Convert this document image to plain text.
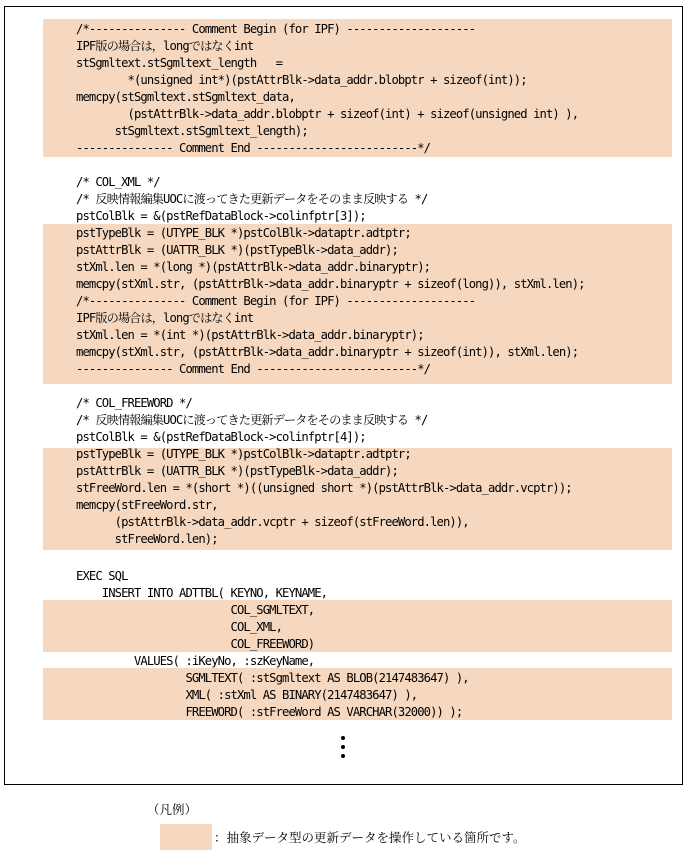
/*--------------- Comment Begin (for IPF) --------------------
IPF版の場合は，longではなくint
stSgmltext.stSgmltext_length   =
*(unsigned int*)(pstAttrBlk->data_addr.blobptr + sizeof(int));
memcpy(stSgmltext.stSgmltext_data,
(pstAttrBlk->data_addr.blobptr + sizeof(int) + sizeof(unsigned int) ),
stSgmltext.stSgmltext_length);
--------------- Comment End -------------------------*/
/* COL_XML */
/* 反映情報編集UOCに渡ってきた更新データをそのまま反映する */
pstColBlk = &(pstRefDataBlock->colinfptr[3]);
pstTypeBlk = (UTYPE_BLK *)pstColBlk->dataptr.adtptr;
pstAttrBlk = (UATTR_BLK *)(pstTypeBlk->data_addr);
stXml.len = *(long *)(pstAttrBlk->data_addr.binaryptr);
memcpy(stXml.str, (pstAttrBlk->data_addr.binaryptr + sizeof(long)), stXml.len);
/*--------------- Comment Begin (for IPF) --------------------
IPF版の場合は，longではなくint
stXml.len = *(int *)(pstAttrBlk->data_addr.binaryptr);
memcpy(stXml.str, (pstAttrBlk->data_addr.binaryptr + sizeof(int)), stXml.len);
--------------- Comment End -------------------------*/
/* COL_FREEWORD */
/* 反映情報編集UOCに渡ってきた更新データをそのまま反映する */
pstColBlk = &(pstRefDataBlock->colinfptr[4]);
pstTypeBlk = (UTYPE_BLK *)pstColBlk->dataptr.adtptr;
pstAttrBlk = (UATTR_BLK *)(pstTypeBlk->data_addr);
stFreeWord.len = *(short *)((unsigned short *)(pstAttrBlk->data_addr.vcptr));
memcpy(stFreeWord.str,
(pstAttrBlk->data_addr.vcptr + sizeof(stFreeWord.len)),
stFreeWord.len);
EXEC SQL
INSERT INTO ADTTBL( KEYNO, KEYNAME,
COL_SGMLTEXT,
COL_XML,
COL_FREEWORD)
VALUES( :iKeyNo, :szKeyName,
SGMLTEXT( :stSgmltext AS BLOB(2147483647) ),
XML( :stXml AS BINARY(2147483647) ),
FREEWORD( :stFreeWord AS VARCHAR(32000)) );
（凡例）
：抽象データ型の更新データを操作している箇所です。
